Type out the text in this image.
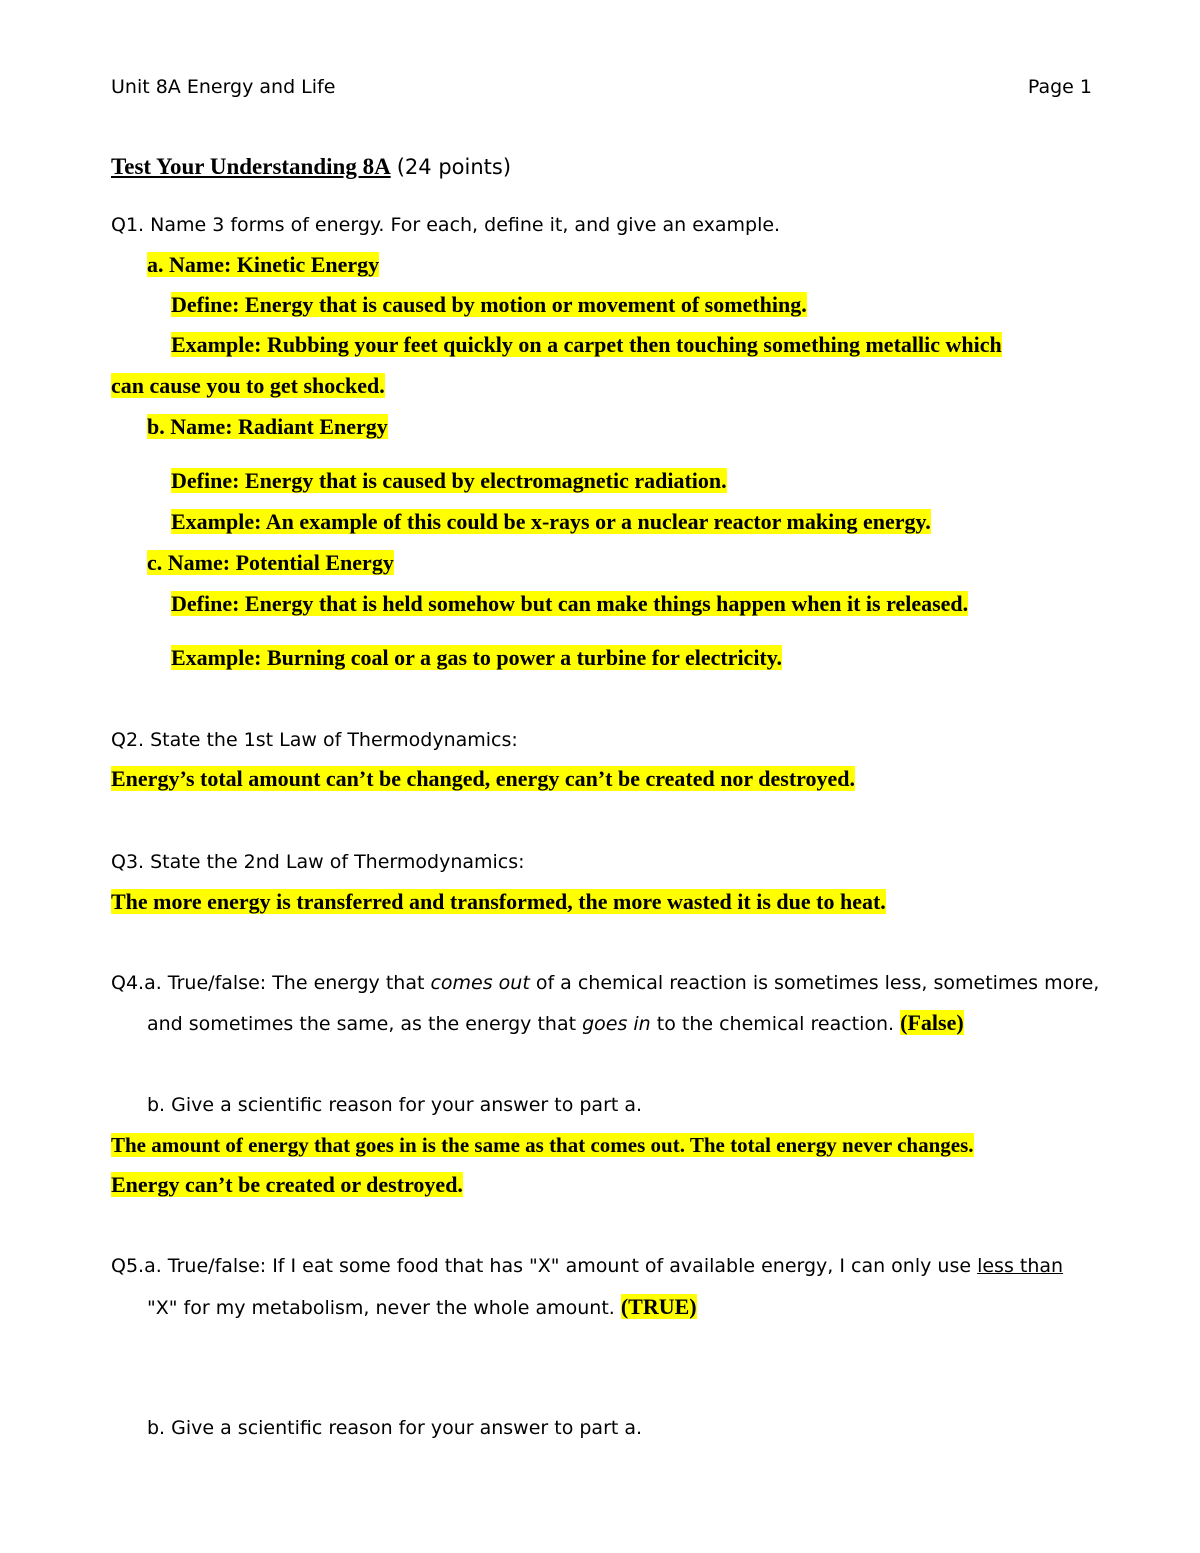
Unit 8A Energy and Life	Page 1
Test Your Understanding 8A (24 points)
Q1. Name 3 forms of energy. For each, define it, and give an example.
a. Name: Kinetic Energy
Define: Energy that is caused by motion or movement of something.
Example: Rubbing your feet quickly on a carpet then touching something metallic which
can cause you to get shocked.
b. Name: Radiant Energy
Define: Energy that is caused by electromagnetic radiation.
Example: An example of this could be x-rays or a nuclear reactor making energy.
c. Name: Potential Energy
Define: Energy that is held somehow but can make things happen when it is released.
Example: Burning coal or a gas to power a turbine for electricity.
Q2. State the 1st Law of Thermodynamics:
Energy’s total amount can’t be changed, energy can’t be created nor destroyed.
Q3. State the 2nd Law of Thermodynamics:
The more energy is transferred and transformed, the more wasted it is due to heat.
Q4.a. True/false: The energy that comes out of a chemical reaction is sometimes less, sometimes more,
and sometimes the same, as the energy that goes in to the chemical reaction. (False)
b. Give a scientific reason for your answer to part a.
The amount of energy that goes in is the same as that comes out. The total energy never changes.
Energy can’t be created or destroyed.
Q5.a. True/false: If I eat some food that has "X" amount of available energy, I can only use less than
"X" for my metabolism, never the whole amount. (TRUE)
b. Give a scientific reason for your answer to part a.
